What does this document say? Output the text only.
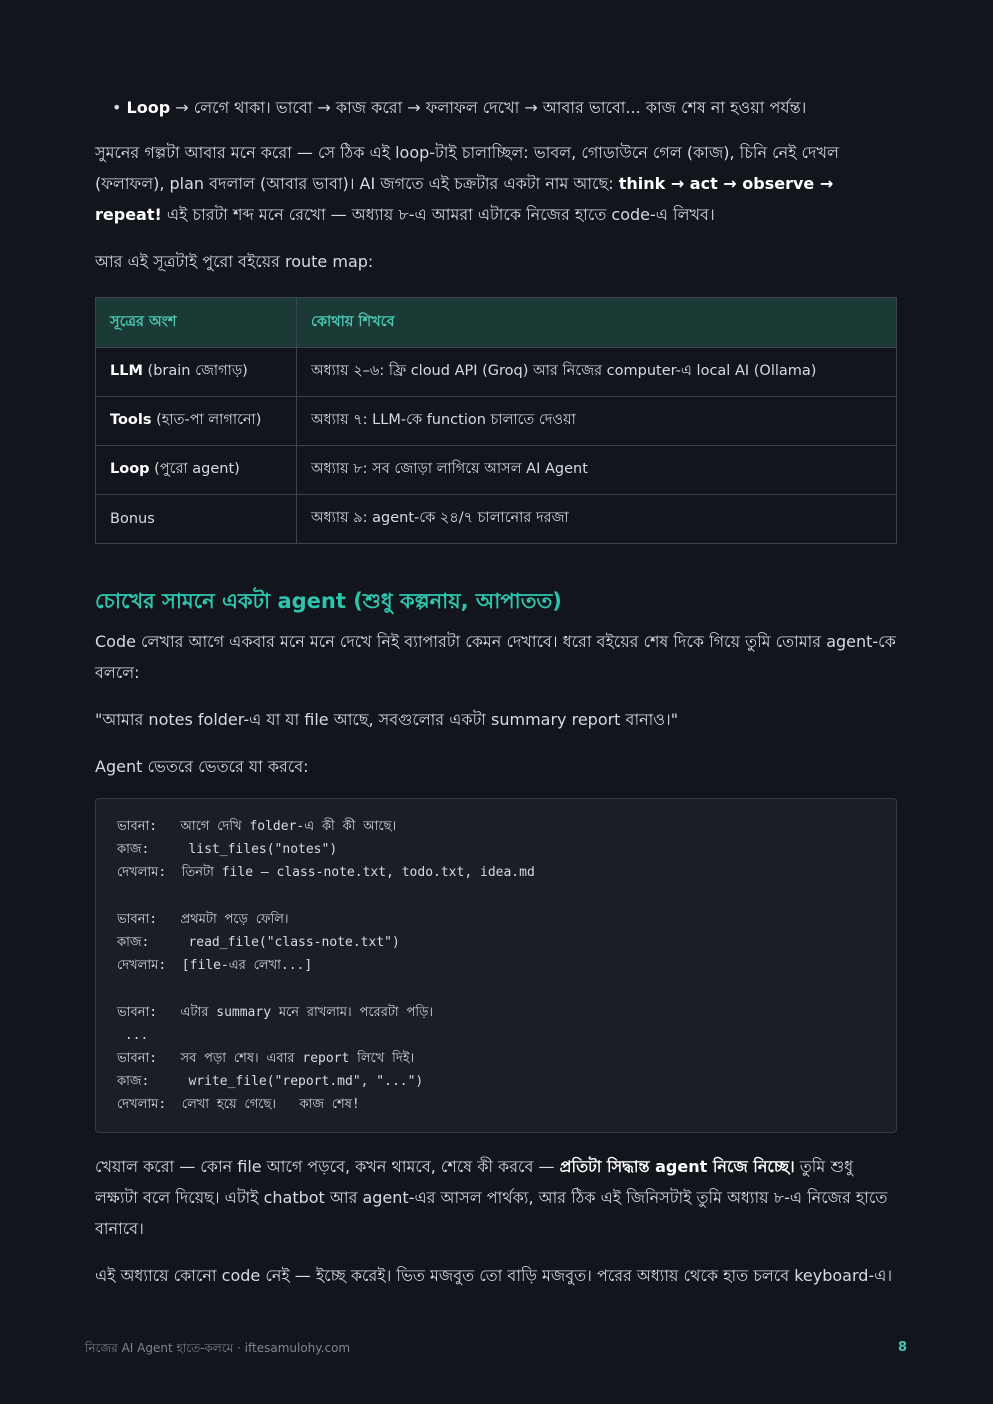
• Loop → লেগে থাকা। ভাবো → কাজ করো → ফলাফল দেখো → আবার ভাবো... কাজ শেষ না হওয়া পর্যন্ত।

সুমনের গল্পটা আবার মনে করো — সে ঠিক এই loop-টাই চালাচ্ছিল: ভাবল, গোডাউনে গেল (কাজ), চিনি নেই দেখল (ফলাফল), plan বদলাল (আবার ভাবা)। AI জগতে এই চক্রটার একটা নাম আছে: think → act → observe → repeat! এই চারটা শব্দ মনে রেখো — অধ্যায় ৮-এ আমরা এটাকে নিজের হাতে code-এ লিখব।

আর এই সূত্রটাই পুরো বইয়ের route map:

সূত্রের অংশ	কোথায় শিখবে
LLM (brain জোগাড়)	অধ্যায় ২–৬: ফ্রি cloud API (Groq) আর নিজের computer-এ local AI (Ollama)
Tools (হাত-পা লাগানো)	অধ্যায় ৭: LLM-কে function চালাতে দেওয়া
Loop (পুরো agent)	অধ্যায় ৮: সব জোড়া লাগিয়ে আসল AI Agent
Bonus	অধ্যায় ৯: agent-কে ২৪/৭ চালানোর দরজা
চোখের সামনে একটা agent (শুধু কল্পনায়, আপাতত)

Code লেখার আগে একবার মনে মনে দেখে নিই ব্যাপারটা কেমন দেখাবে। ধরো বইয়ের শেষ দিকে গিয়ে তুমি তোমার agent-কে বললে:

"আমার notes folder-এ যা যা file আছে, সবগুলোর একটা summary report বানাও।"

Agent ভেতরে ভেতরে যা করবে:

ভাবনা:   আগে দেখি folder-এ কী কী আছে।
কাজ:     list_files("notes")
দেখলাম:  তিনটা file — class-note.txt, todo.txt, idea.md

ভাবনা:   প্রথমটা পড়ে ফেলি।
কাজ:     read_file("class-note.txt")
দেখলাম:  [file-এর লেখা...]

ভাবনা:   এটার summary মনে রাখলাম। পরেরটা পড়ি।
...
ভাবনা:   সব পড়া শেষ। এবার report লিখে দিই।
কাজ:     write_file("report.md", "...")
দেখলাম:  লেখা হয়ে গেছে।   কাজ শেষ!

খেয়াল করো — কোন file আগে পড়বে, কখন থামবে, শেষে কী করবে — প্রতিটা সিদ্ধান্ত agent নিজে নিচ্ছে। তুমি শুধু লক্ষ্যটা বলে দিয়েছ। এটাই chatbot আর agent-এর আসল পার্থক্য, আর ঠিক এই জিনিসটাই তুমি অধ্যায় ৮-এ নিজের হাতে বানাবে।

এই অধ্যায়ে কোনো code নেই — ইচ্ছে করেই। ভিত মজবুত তো বাড়ি মজবুত। পরের অধ্যায় থেকে হাত চলবে keyboard-এ।

নিজের AI Agent হাতে-কলমে · iftesamulohy.com	8
